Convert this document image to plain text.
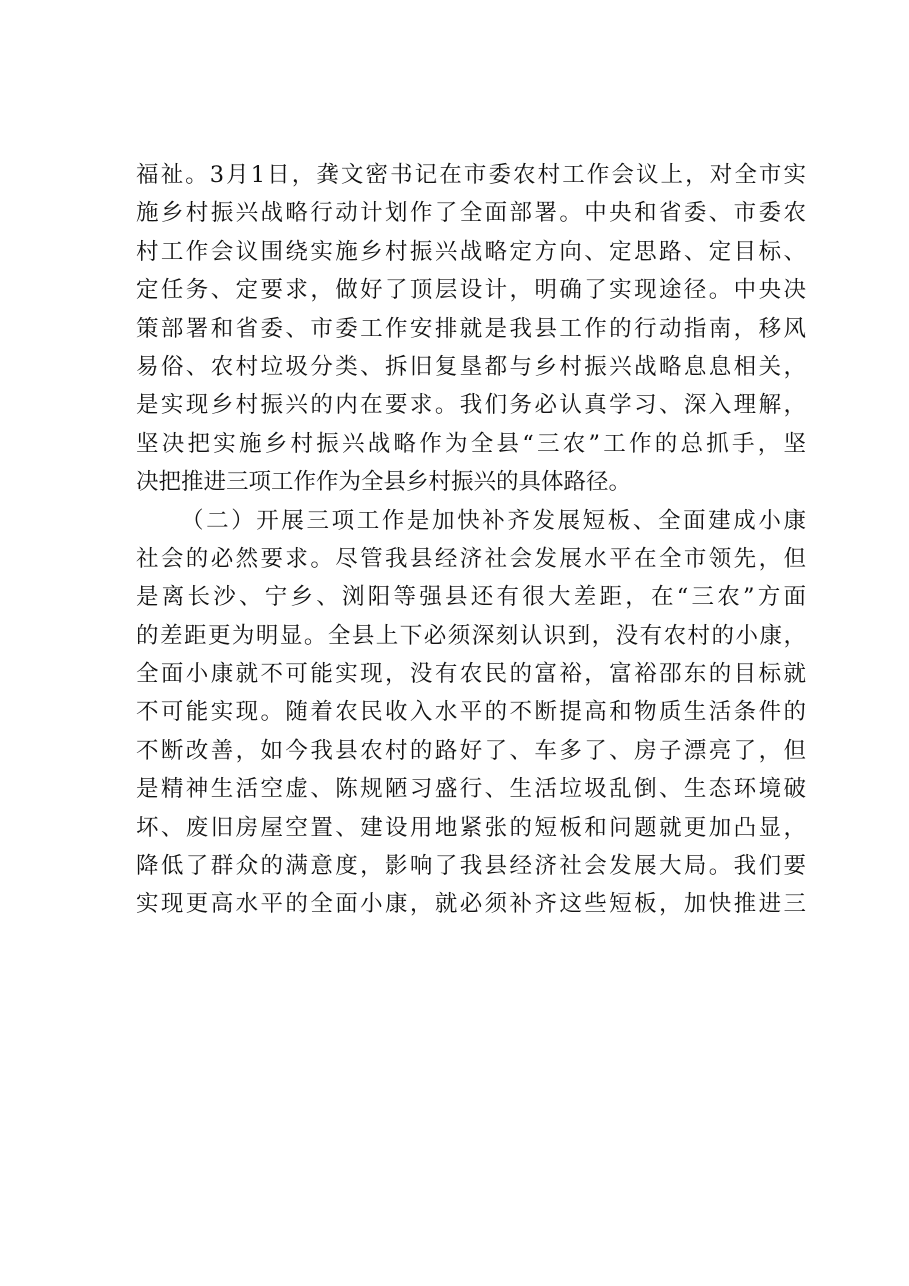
福祉。3月1日，龚文密书记在市委农村工作会议上，对全市实
施乡村振兴战略行动计划作了全面部署。中央和省委、市委农
村工作会议围绕实施乡村振兴战略定方向、定思路、定目标、
定任务、定要求，做好了顶层设计，明确了实现途径。中央决
策部署和省委、市委工作安排就是我县工作的行动指南，移风
易俗、农村垃圾分类、拆旧复垦都与乡村振兴战略息息相关，
是实现乡村振兴的内在要求。我们务必认真学习、深入理解，
坚决把实施乡村振兴战略作为全县“三农”工作的总抓手，坚
决把推进三项工作作为全县乡村振兴的具体路径。
（二）开展三项工作是加快补齐发展短板、全面建成小康
社会的必然要求。尽管我县经济社会发展水平在全市领先，但
是离长沙、宁乡、浏阳等强县还有很大差距，在“三农”方面
的差距更为明显。全县上下必须深刻认识到，没有农村的小康，
全面小康就不可能实现，没有农民的富裕，富裕邵东的目标就
不可能实现。随着农民收入水平的不断提高和物质生活条件的
不断改善，如今我县农村的路好了、车多了、房子漂亮了，但
是精神生活空虚、陈规陋习盛行、生活垃圾乱倒、生态环境破
坏、废旧房屋空置、建设用地紧张的短板和问题就更加凸显，
降低了群众的满意度，影响了我县经济社会发展大局。我们要
实现更高水平的全面小康，就必须补齐这些短板，加快推进三
